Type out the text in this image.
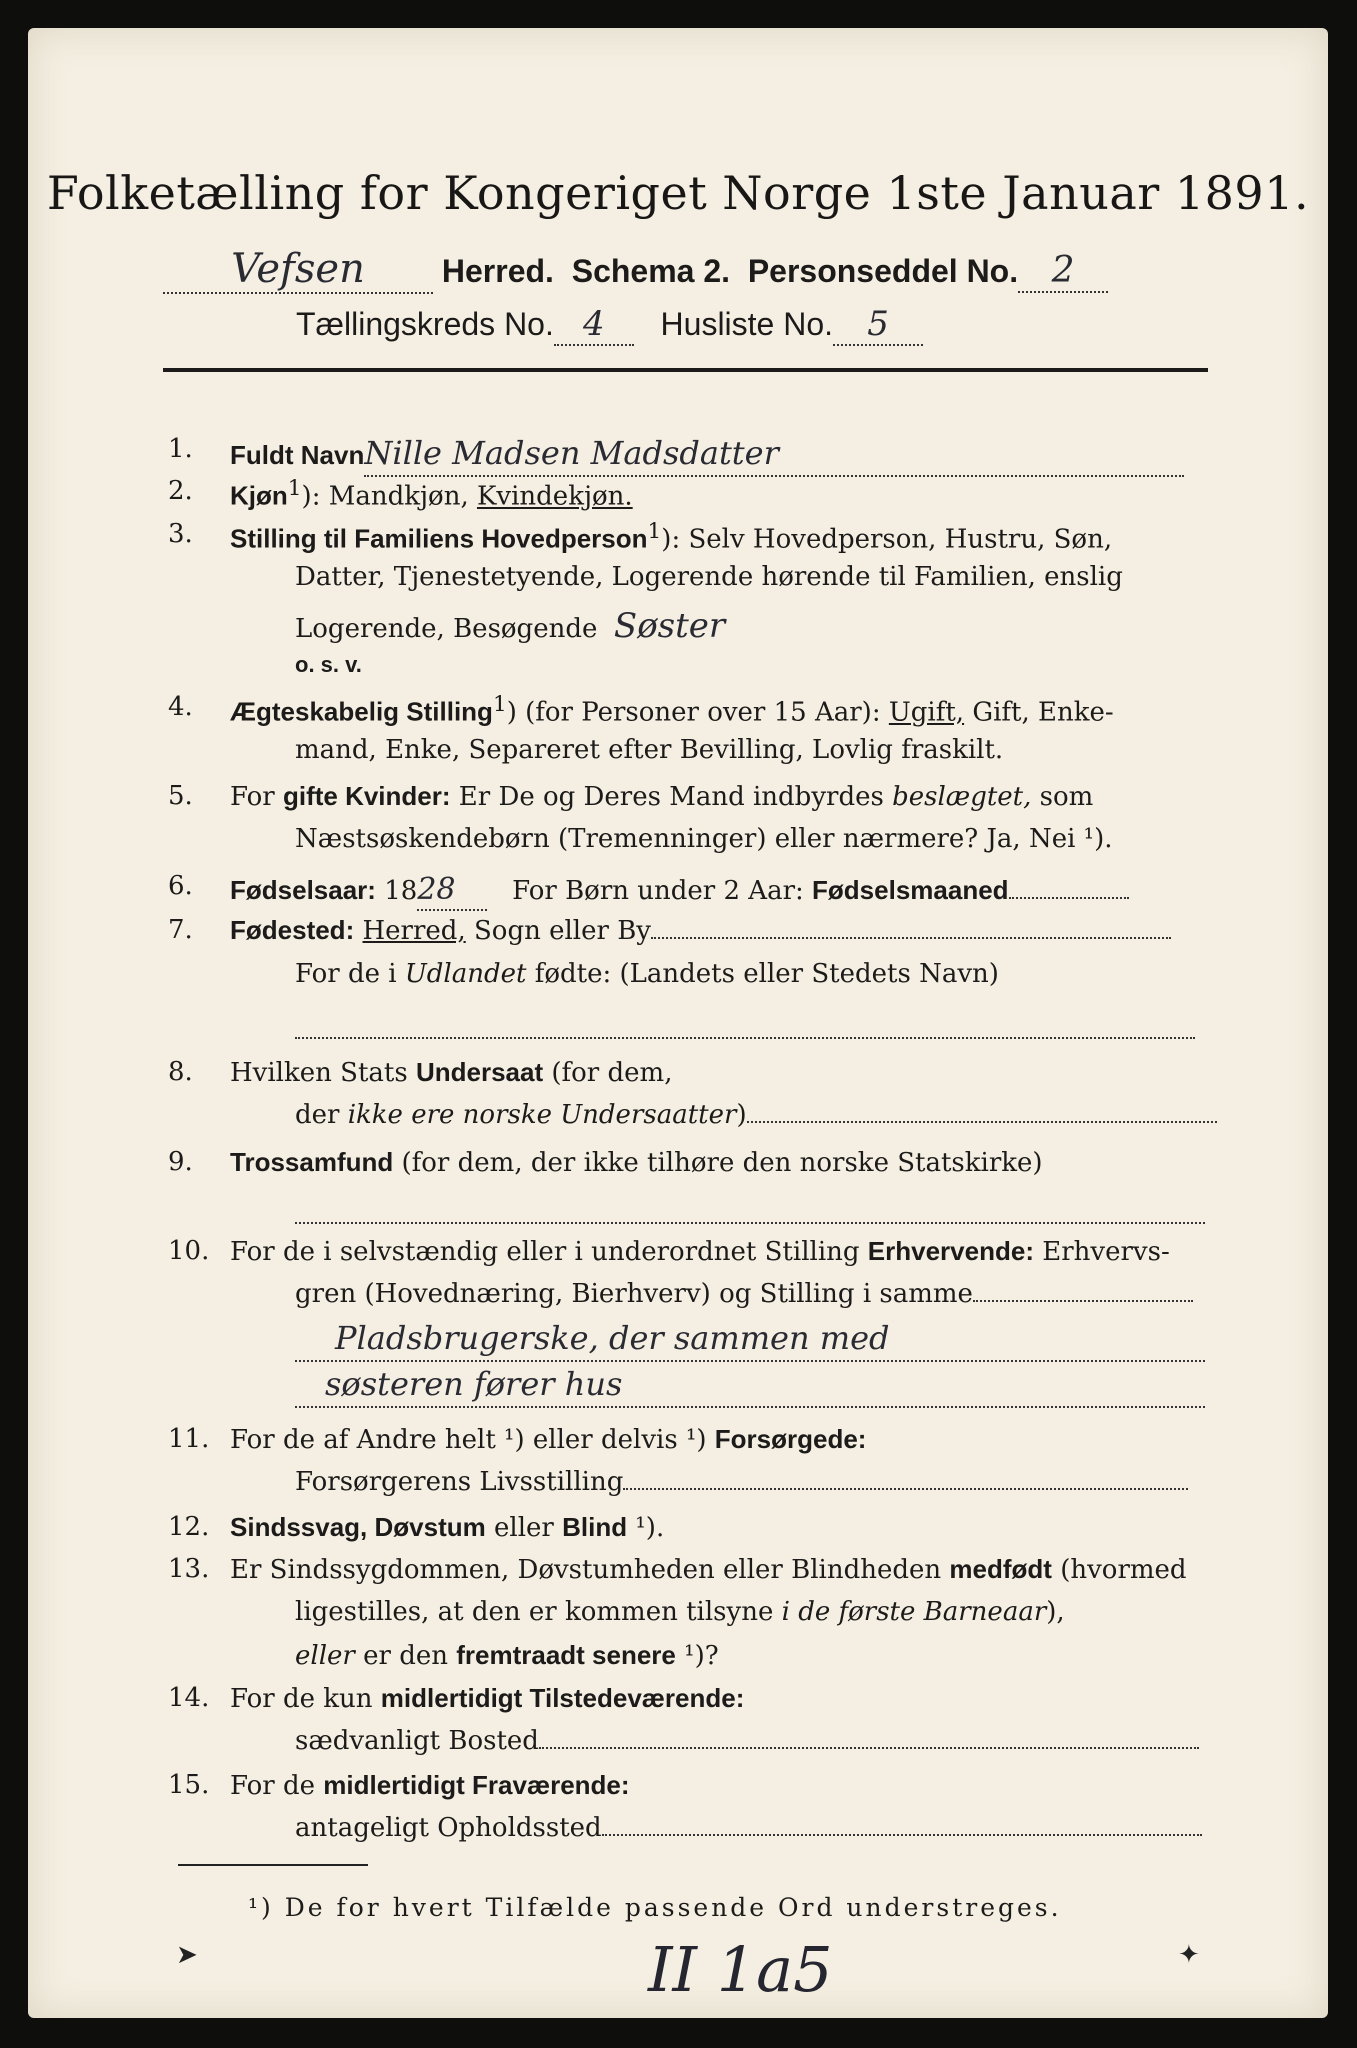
Folketælling for Kongeriget Norge 1ste Januar 1891.
Vefsen Herred. Schema 2. Personseddel No. 2
Tællingskreds No. 4 Husliste No. 5
1.	Fuldt NavnNille Madsen Madsdatter
2.	Kjøn$^1$): Mandkjøn, Kvindekjøn.
3.	Stilling til Familiens Hovedperson$^1$): Selv Hovedperson, Hustru, Søn,
Datter, Tjenestetyende, Logerende hørende til Familien, enslig
Logerende, Besøgende Søster
o. s. v.
4.	Ægteskabelig Stilling$^1$) (for Personer over 15 Aar): Ugift, Gift, Enke-
mand, Enke, Separeret efter Bevilling, Lovlig fraskilt.
5.	For gifte Kvinder: Er De og Deres Mand indbyrdes beslægtet, som
Næstsøskendebørn (Tremenninger) eller nærmere? Ja, Nei ¹).
6.	Fødselsaar: 1828 For Børn under 2 Aar: Fødselsmaaned
7.	Fødested: Herred, Sogn eller By
For de i Udlandet fødte: (Landets eller Stedets Navn)

8.	Hvilken Stats Undersaat (for dem,
der ikke ere norske Undersaatter)
9.	Trossamfund (for dem, der ikke tilhøre den norske Statskirke)

10. For de i selvstændig eller i underordnet Stilling Erhvervende: Erhvervs-
gren (Hovednæring, Bierhverv) og Stilling i samme
Pladsbrugerske, der sammen med
søsteren fører hus
11. For de af Andre helt ¹) eller delvis ¹) Forsørgede:
Forsørgerens Livsstilling
12. Sindssvag, Døvstum eller Blind ¹).
13. Er Sindssygdommen, Døvstumheden eller Blindheden medfødt (hvormed
ligestilles, at den er kommen tilsyne i de første Barneaar),
eller er den fremtraadt senere ¹)?
14. For de kun midlertidigt Tilstedeværende:
sædvanligt Bosted
15. For de midlertidigt Fraværende:
antageligt Opholdssted
¹) De for hvert Tilfælde passende Ord understreges.
➤	✦
II 1a5
